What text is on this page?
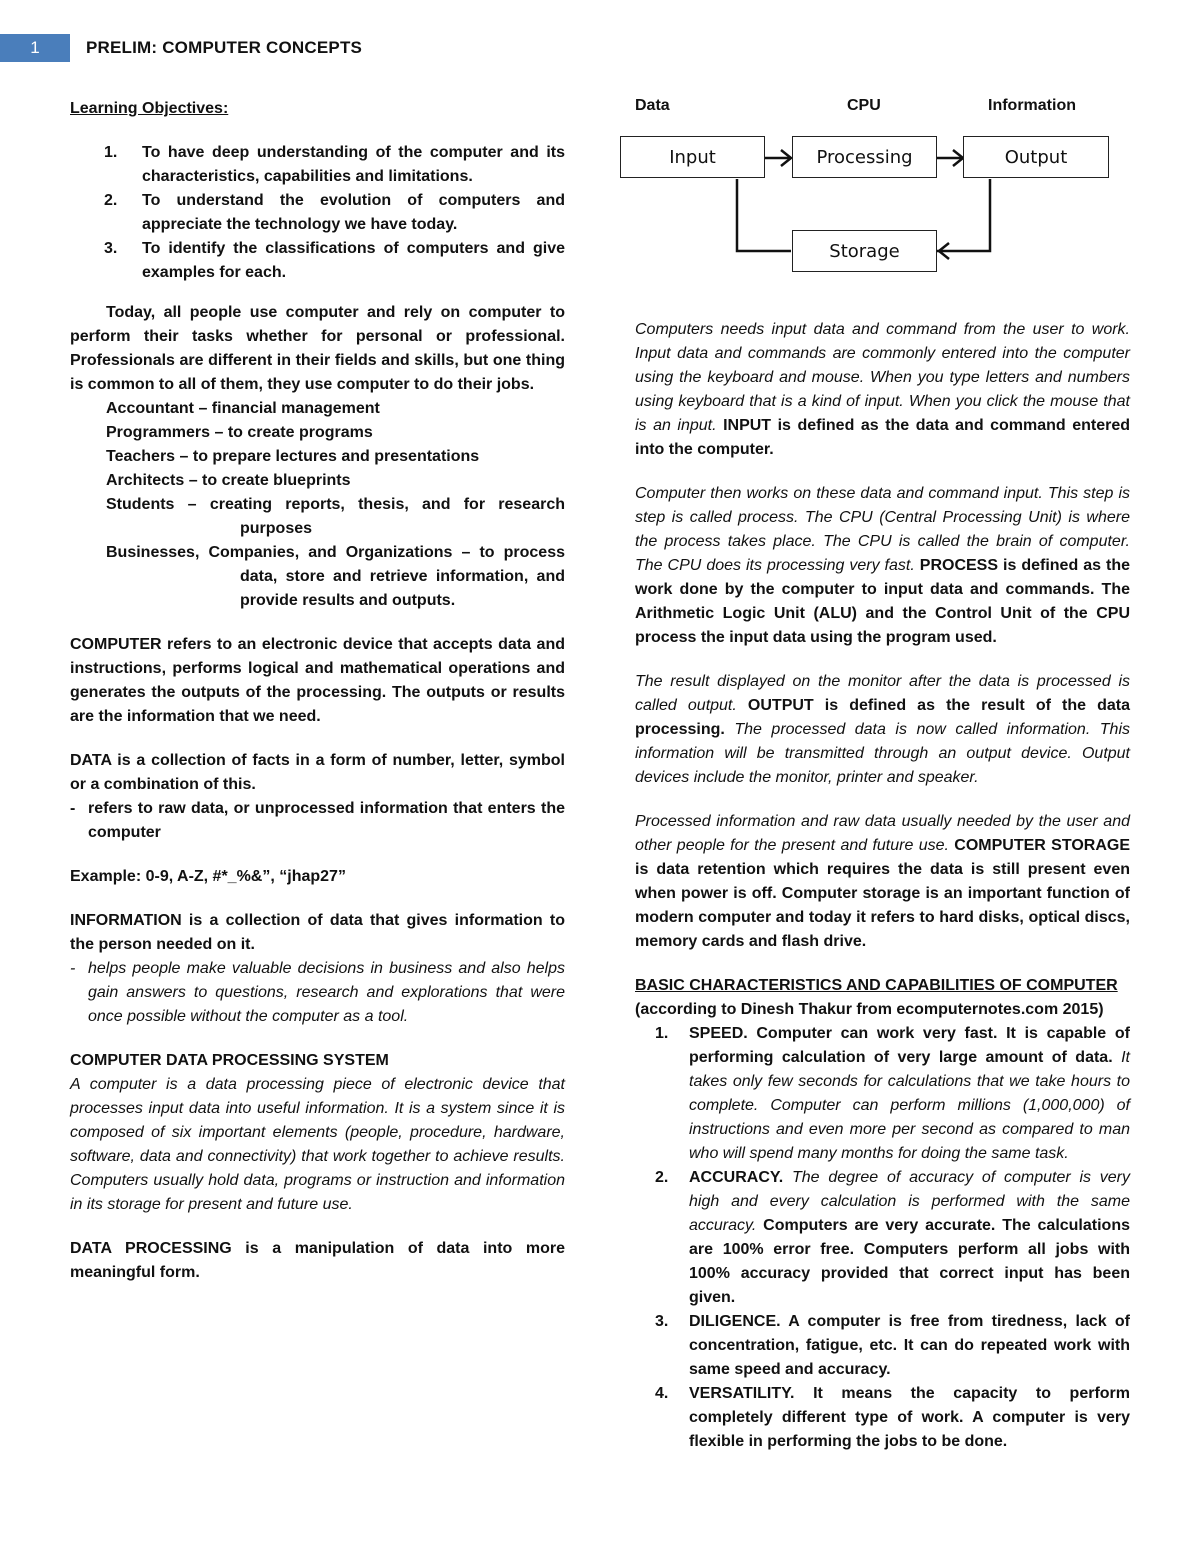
1	PRELIM: COMPUTER CONCEPTS

Learning Objectives:

1. To have deep understanding of the computer and its characteristics, capabilities and limitations.
2. To understand the evolution of computers and appreciate the technology we have today.
3. To identify the classifications of computers and give examples for each.

Today, all people use computer and rely on computer to perform their tasks whether for personal or professional. Professionals are different in their fields and skills, but one thing is common to all of them, they use computer to do their jobs.

Accountant – financial management
Programmers – to create programs
Teachers – to prepare lectures and presentations
Architects – to create blueprints
Students – creating reports, thesis, and for research purposes
Businesses, Companies, and Organizations – to process data, store and retrieve information, and provide results and outputs.

COMPUTER refers to an electronic device that accepts data and instructions, performs logical and mathematical operations and generates the outputs of the processing. The outputs or results are the information that we need.

DATA is a collection of facts in a form of number, letter, symbol or a combination of this.

- refers to raw data, or unprocessed information that enters the computer

Example: 0-9, A-Z, #*_%&”, “jhap27”

INFORMATION is a collection of data that gives information to the person needed on it.

- helps people make valuable decisions in business and also helps gain answers to questions, research and explorations that were once possible without the computer as a tool.

COMPUTER DATA PROCESSING SYSTEM

A computer is a data processing piece of electronic device that processes input data into useful information. It is a system since it is composed of six important elements (people, procedure, hardware, software, data and connectivity) that work together to achieve results. Computers usually hold data, programs or instruction and information in its storage for present and future use.

DATA PROCESSING is a manipulation of data into more meaningful form.

Data	CPU	Information
Input	Processing	Output
Storage

Computers needs input data and command from the user to work. Input data and commands are commonly entered into the computer using the keyboard and mouse. When you type letters and numbers using keyboard that is a kind of input. When you click the mouse that is an input. INPUT is defined as the data and command entered into the computer.

Computer then works on these data and command input. This step is step is called process. The CPU (Central Processing Unit) is where the process takes place. The CPU is called the brain of computer. The CPU does its processing very fast. PROCESS is defined as the work done by the computer to input data and commands. The Arithmetic Logic Unit (ALU) and the Control Unit of the CPU process the input data using the program used.

The result displayed on the monitor after the data is processed is called output. OUTPUT is defined as the result of the data processing. The processed data is now called information. This information will be transmitted through an output device. Output devices include the monitor, printer and speaker.

Processed information and raw data usually needed by the user and other people for the present and future use. COMPUTER STORAGE is data retention which requires the data is still present even when power is off. Computer storage is an important function of modern computer and today it refers to hard disks, optical discs, memory cards and flash drive.

BASIC CHARACTERISTICS AND CAPABILITIES OF COMPUTER

(according to Dinesh Thakur from ecomputernotes.com 2015)

1. SPEED. Computer can work very fast. It is capable of performing calculation of very large amount of data. It takes only few seconds for calculations that we take hours to complete. Computer can perform millions (1,000,000) of instructions and even more per second as compared to man who will spend many months for doing the same task.
2. ACCURACY. The degree of accuracy of computer is very high and every calculation is performed with the same accuracy. Computers are very accurate. The calculations are 100% error free. Computers perform all jobs with 100% accuracy provided that correct input has been given.
3. DILIGENCE. A computer is free from tiredness, lack of concentration, fatigue, etc. It can do repeated work with same speed and accuracy.
4. VERSATILITY. It means the capacity to perform completely different type of work. A computer is very flexible in performing the jobs to be done.
